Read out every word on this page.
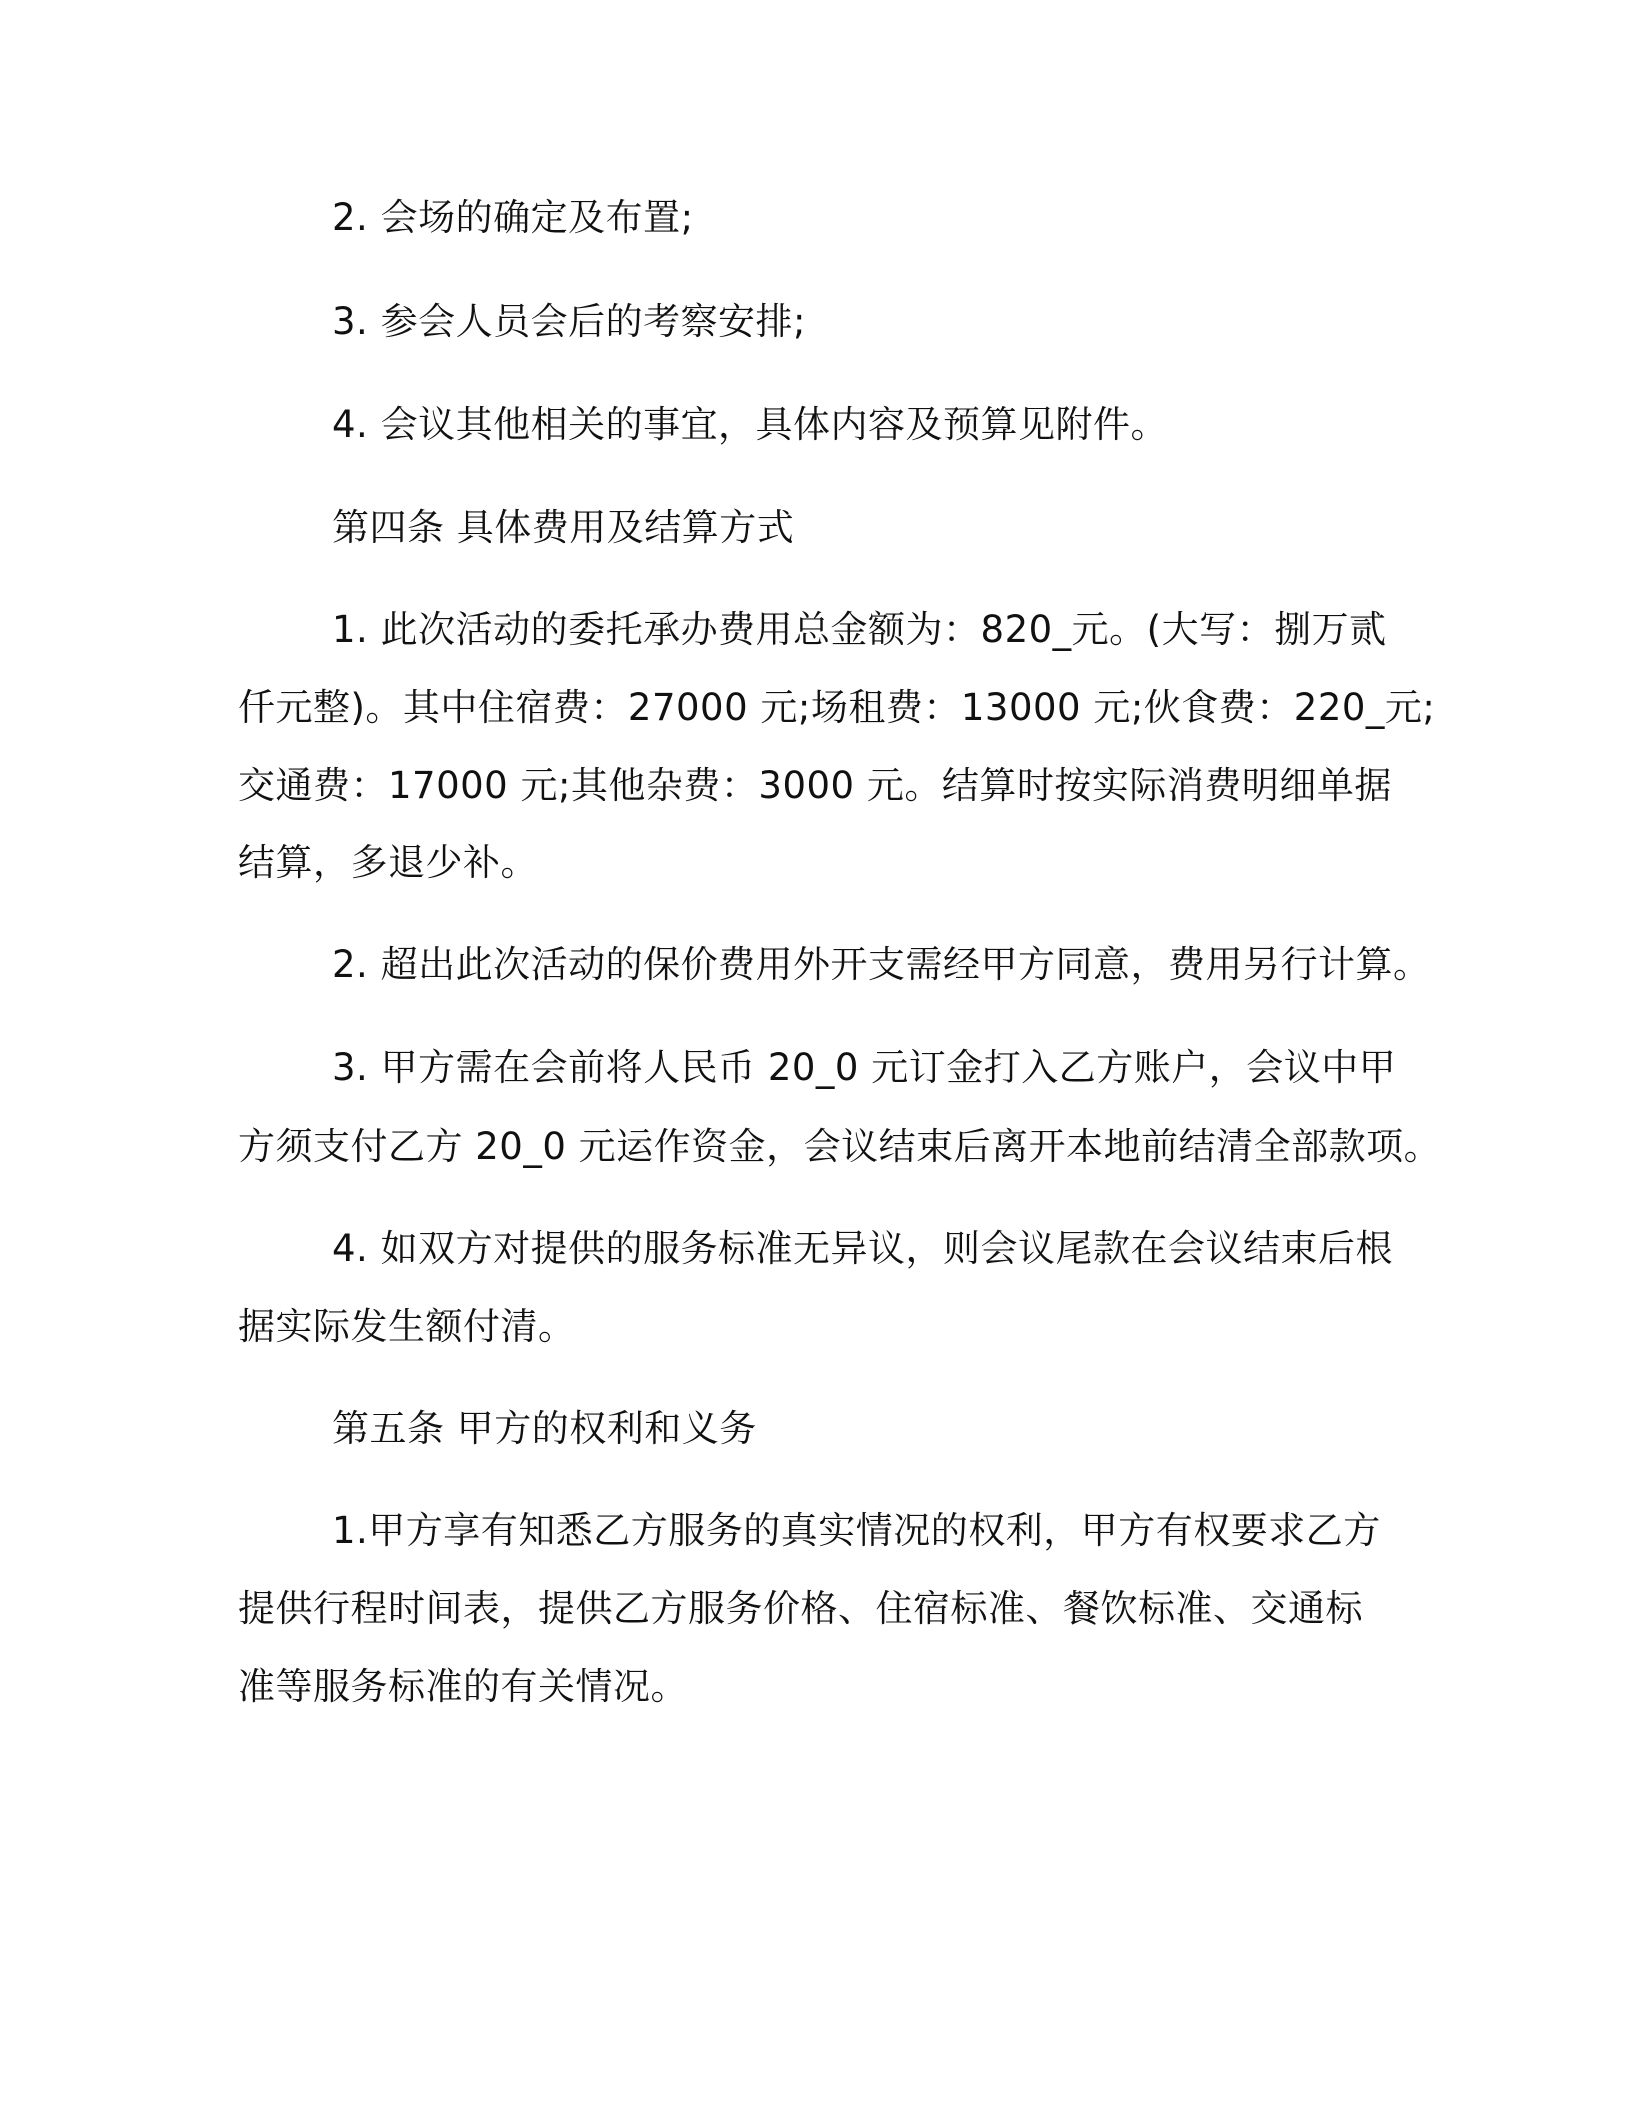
2. 会场的确定及布置;
3. 参会人员会后的考察安排;
4. 会议其他相关的事宜，具体内容及预算见附件。
第四条 具体费用及结算方式
1. 此次活动的委托承办费用总金额为：820_元。(大写：捌万贰
仟元整)。其中住宿费：27000 元;场租费：13000 元;伙食费：220_元;
交通费：17000 元;其他杂费：3000 元。结算时按实际消费明细单据
结算，多退少补。
2. 超出此次活动的保价费用外开支需经甲方同意，费用另行计算。
3. 甲方需在会前将人民币 20_0 元订金打入乙方账户，会议中甲
方须支付乙方 20_0 元运作资金，会议结束后离开本地前结清全部款项。
4. 如双方对提供的服务标准无异议，则会议尾款在会议结束后根
据实际发生额付清。
第五条 甲方的权利和义务
1.甲方享有知悉乙方服务的真实情况的权利，甲方有权要求乙方
提供行程时间表，提供乙方服务价格、住宿标准、餐饮标准、交通标
准等服务标准的有关情况。
